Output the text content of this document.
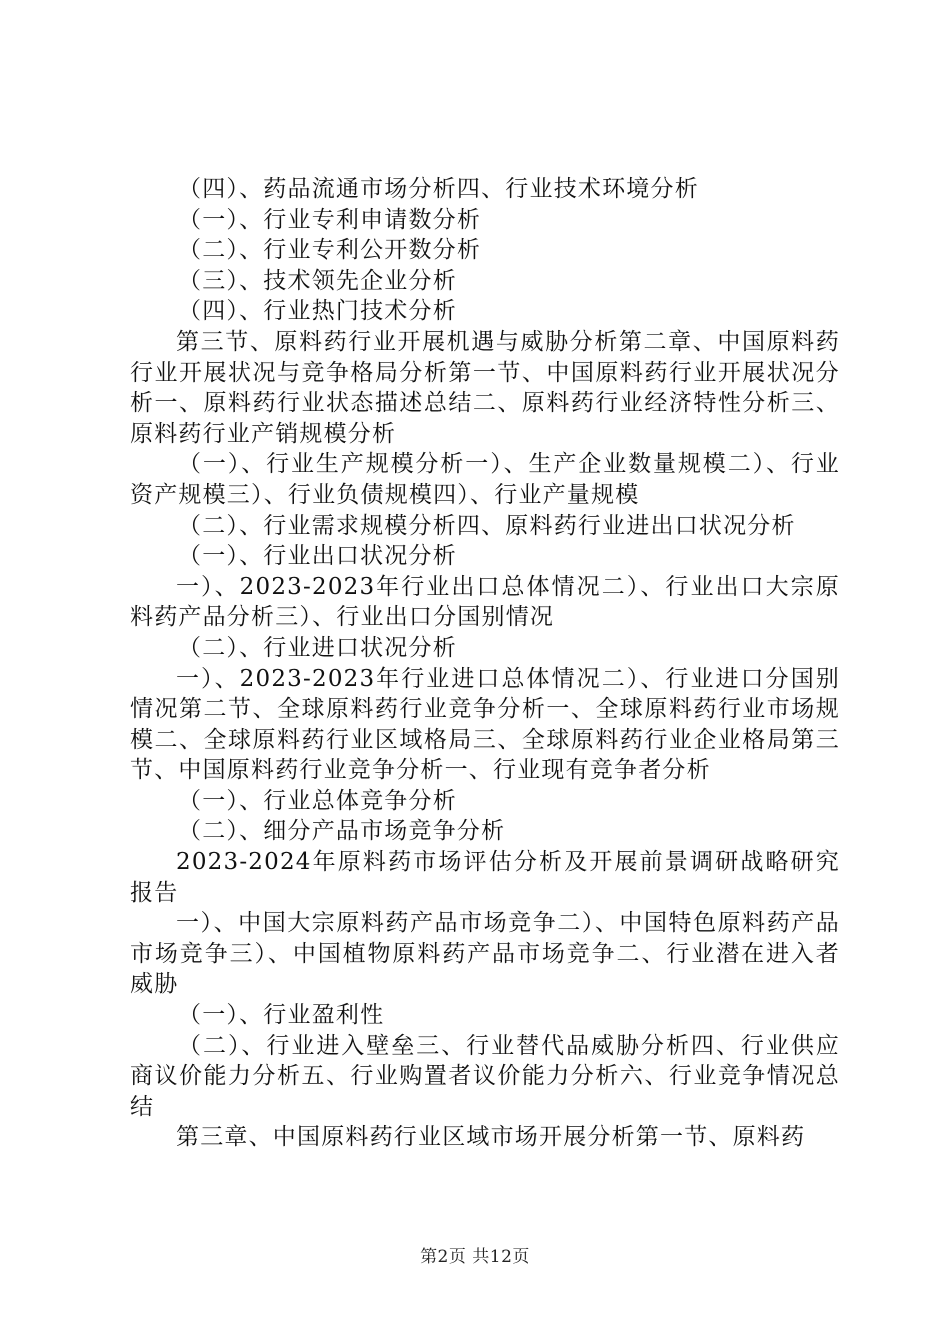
（四）、药品流通市场分析四、行业技术环境分析

（一）、行业专利申请数分析

（二）、行业专利公开数分析

（三）、技术领先企业分析

（四）、行业热门技术分析

第三节、原料药行业开展机遇与威胁分析第二章、中国原料药行业开展状况与竞争格局分析第一节、中国原料药行业开展状况分析一、原料药行业状态描述总结二、原料药行业经济特性分析三、原料药行业产销规模分析

（一）、行业生产规模分析一）、生产企业数量规模二）、行业资产规模三）、行业负债规模四）、行业产量规模

（二）、行业需求规模分析四、原料药行业进出口状况分析

（一）、行业出口状况分析

一）、2023-2023年行业出口总体情况二）、行业出口大宗原料药产品分析三）、行业出口分国别情况

（二）、行业进口状况分析

一）、2023-2023年行业进口总体情况二）、行业进口分国别情况第二节、全球原料药行业竞争分析一、全球原料药行业市场规模二、全球原料药行业区域格局三、全球原料药行业企业格局第三节、中国原料药行业竞争分析一、行业现有竞争者分析

（一）、行业总体竞争分析

（二）、细分产品市场竞争分析

2023-2024年原料药市场评估分析及开展前景调研战略研究报告

一）、中国大宗原料药产品市场竞争二）、中国特色原料药产品市场竞争三）、中国植物原料药产品市场竞争二、行业潜在进入者威胁

（一）、行业盈利性

（二）、行业进入壁垒三、行业替代品威胁分析四、行业供应商议价能力分析五、行业购置者议价能力分析六、行业竞争情况总结

第三章、中国原料药行业区域市场开展分析第一节、原料药

第2页 共12页
